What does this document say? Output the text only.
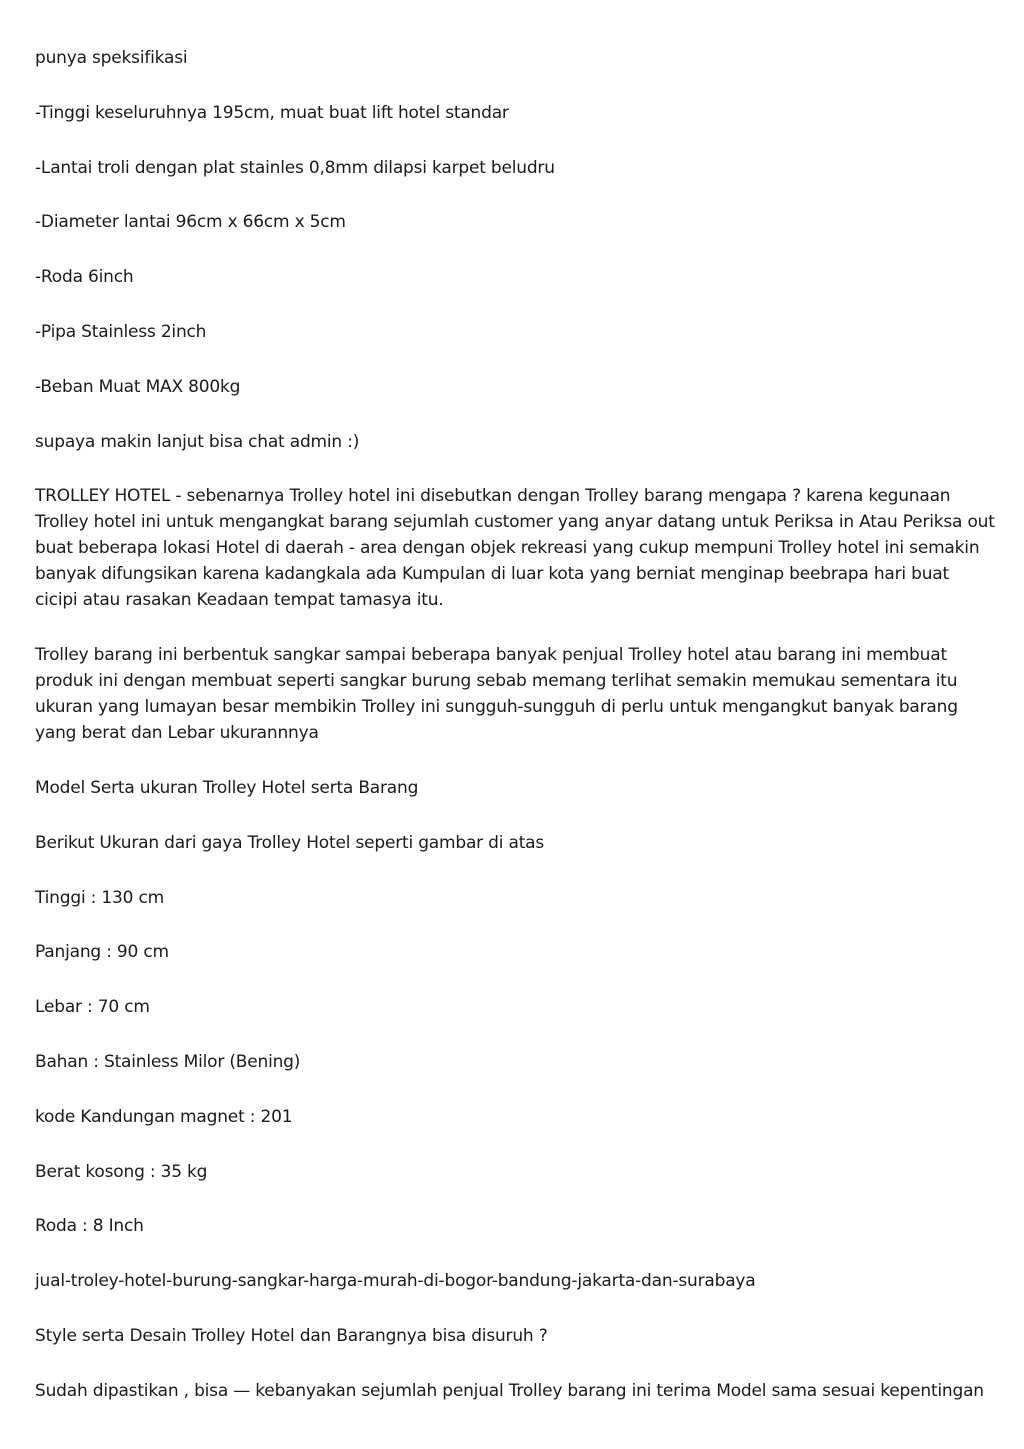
punya speksifikasi

-Tinggi keseluruhnya 195cm, muat buat lift hotel standar

-Lantai troli dengan plat stainles 0,8mm dilapsi karpet beludru

-Diameter lantai 96cm x 66cm x 5cm

-Roda 6inch

-Pipa Stainless 2inch

-Beban Muat MAX 800kg

supaya makin lanjut bisa chat admin :)

TROLLEY HOTEL - sebenarnya Trolley hotel ini disebutkan dengan Trolley barang mengapa ? karena kegunaan Trolley hotel ini untuk mengangkat barang sejumlah customer yang anyar datang untuk Periksa in Atau Periksa out buat beberapa lokasi Hotel di daerah - area dengan objek rekreasi yang cukup mempuni Trolley hotel ini semakin banyak difungsikan karena kadangkala ada Kumpulan di luar kota yang berniat menginap beebrapa hari buat cicipi atau rasakan Keadaan tempat tamasya itu.

Trolley barang ini berbentuk sangkar sampai beberapa banyak penjual Trolley hotel atau barang ini membuat produk ini dengan membuat seperti sangkar burung sebab memang terlihat semakin memukau sementara itu ukuran yang lumayan besar membikin Trolley ini sungguh-sungguh di perlu untuk mengangkut banyak barang yang berat dan Lebar ukurannnya

Model Serta ukuran Trolley Hotel serta Barang

Berikut Ukuran dari gaya Trolley Hotel seperti gambar di atas

Tinggi : 130 cm

Panjang : 90 cm

Lebar : 70 cm

Bahan : Stainless Milor (Bening)

kode Kandungan magnet : 201

Berat kosong : 35 kg

Roda : 8 Inch

jual-troley-hotel-burung-sangkar-harga-murah-di-bogor-bandung-jakarta-dan-surabaya

Style serta Desain Trolley Hotel dan Barangnya bisa disuruh ?

Sudah dipastikan , bisa — kebanyakan sejumlah penjual Trolley barang ini terima Model sama sesuai kepentingan
